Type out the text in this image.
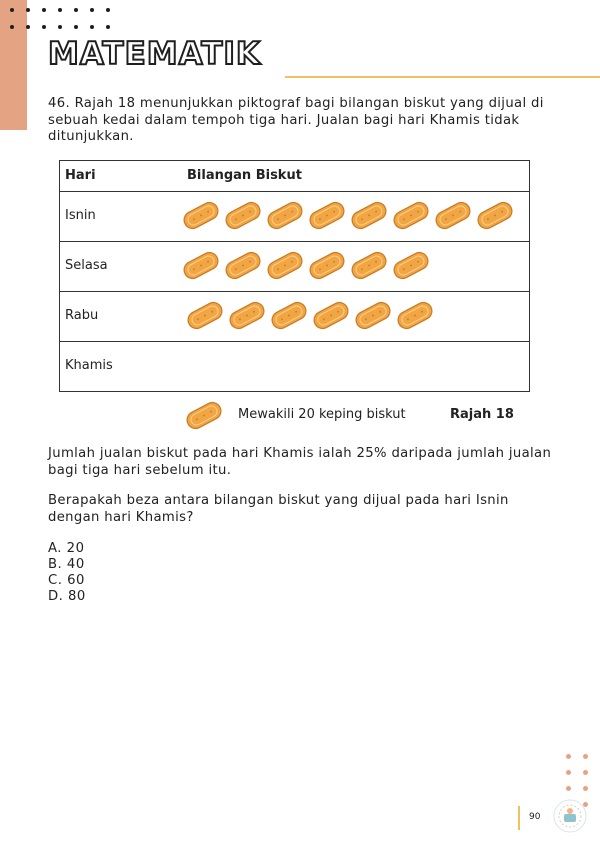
MATEMATIK

46. Rajah 18 menunjukkan piktograf bagi bilangan biskut yang dijual di sebuah kedai dalam tempoh tiga hari. Jualan bagi hari Khamis tidak ditunjukkan.

Hari	Bilangan Biskut
Isnin
Selasa
Rabu
Khamis
Mewakili 20 keping biskut	Rajah 18

Jumlah jualan biskut pada hari Khamis ialah 25% daripada jumlah jualan bagi tiga hari sebelum itu.

Berapakah beza antara bilangan biskut yang dijual pada hari Isnin dengan hari Khamis?

A. 20
B. 40
C. 60
D. 80
90
